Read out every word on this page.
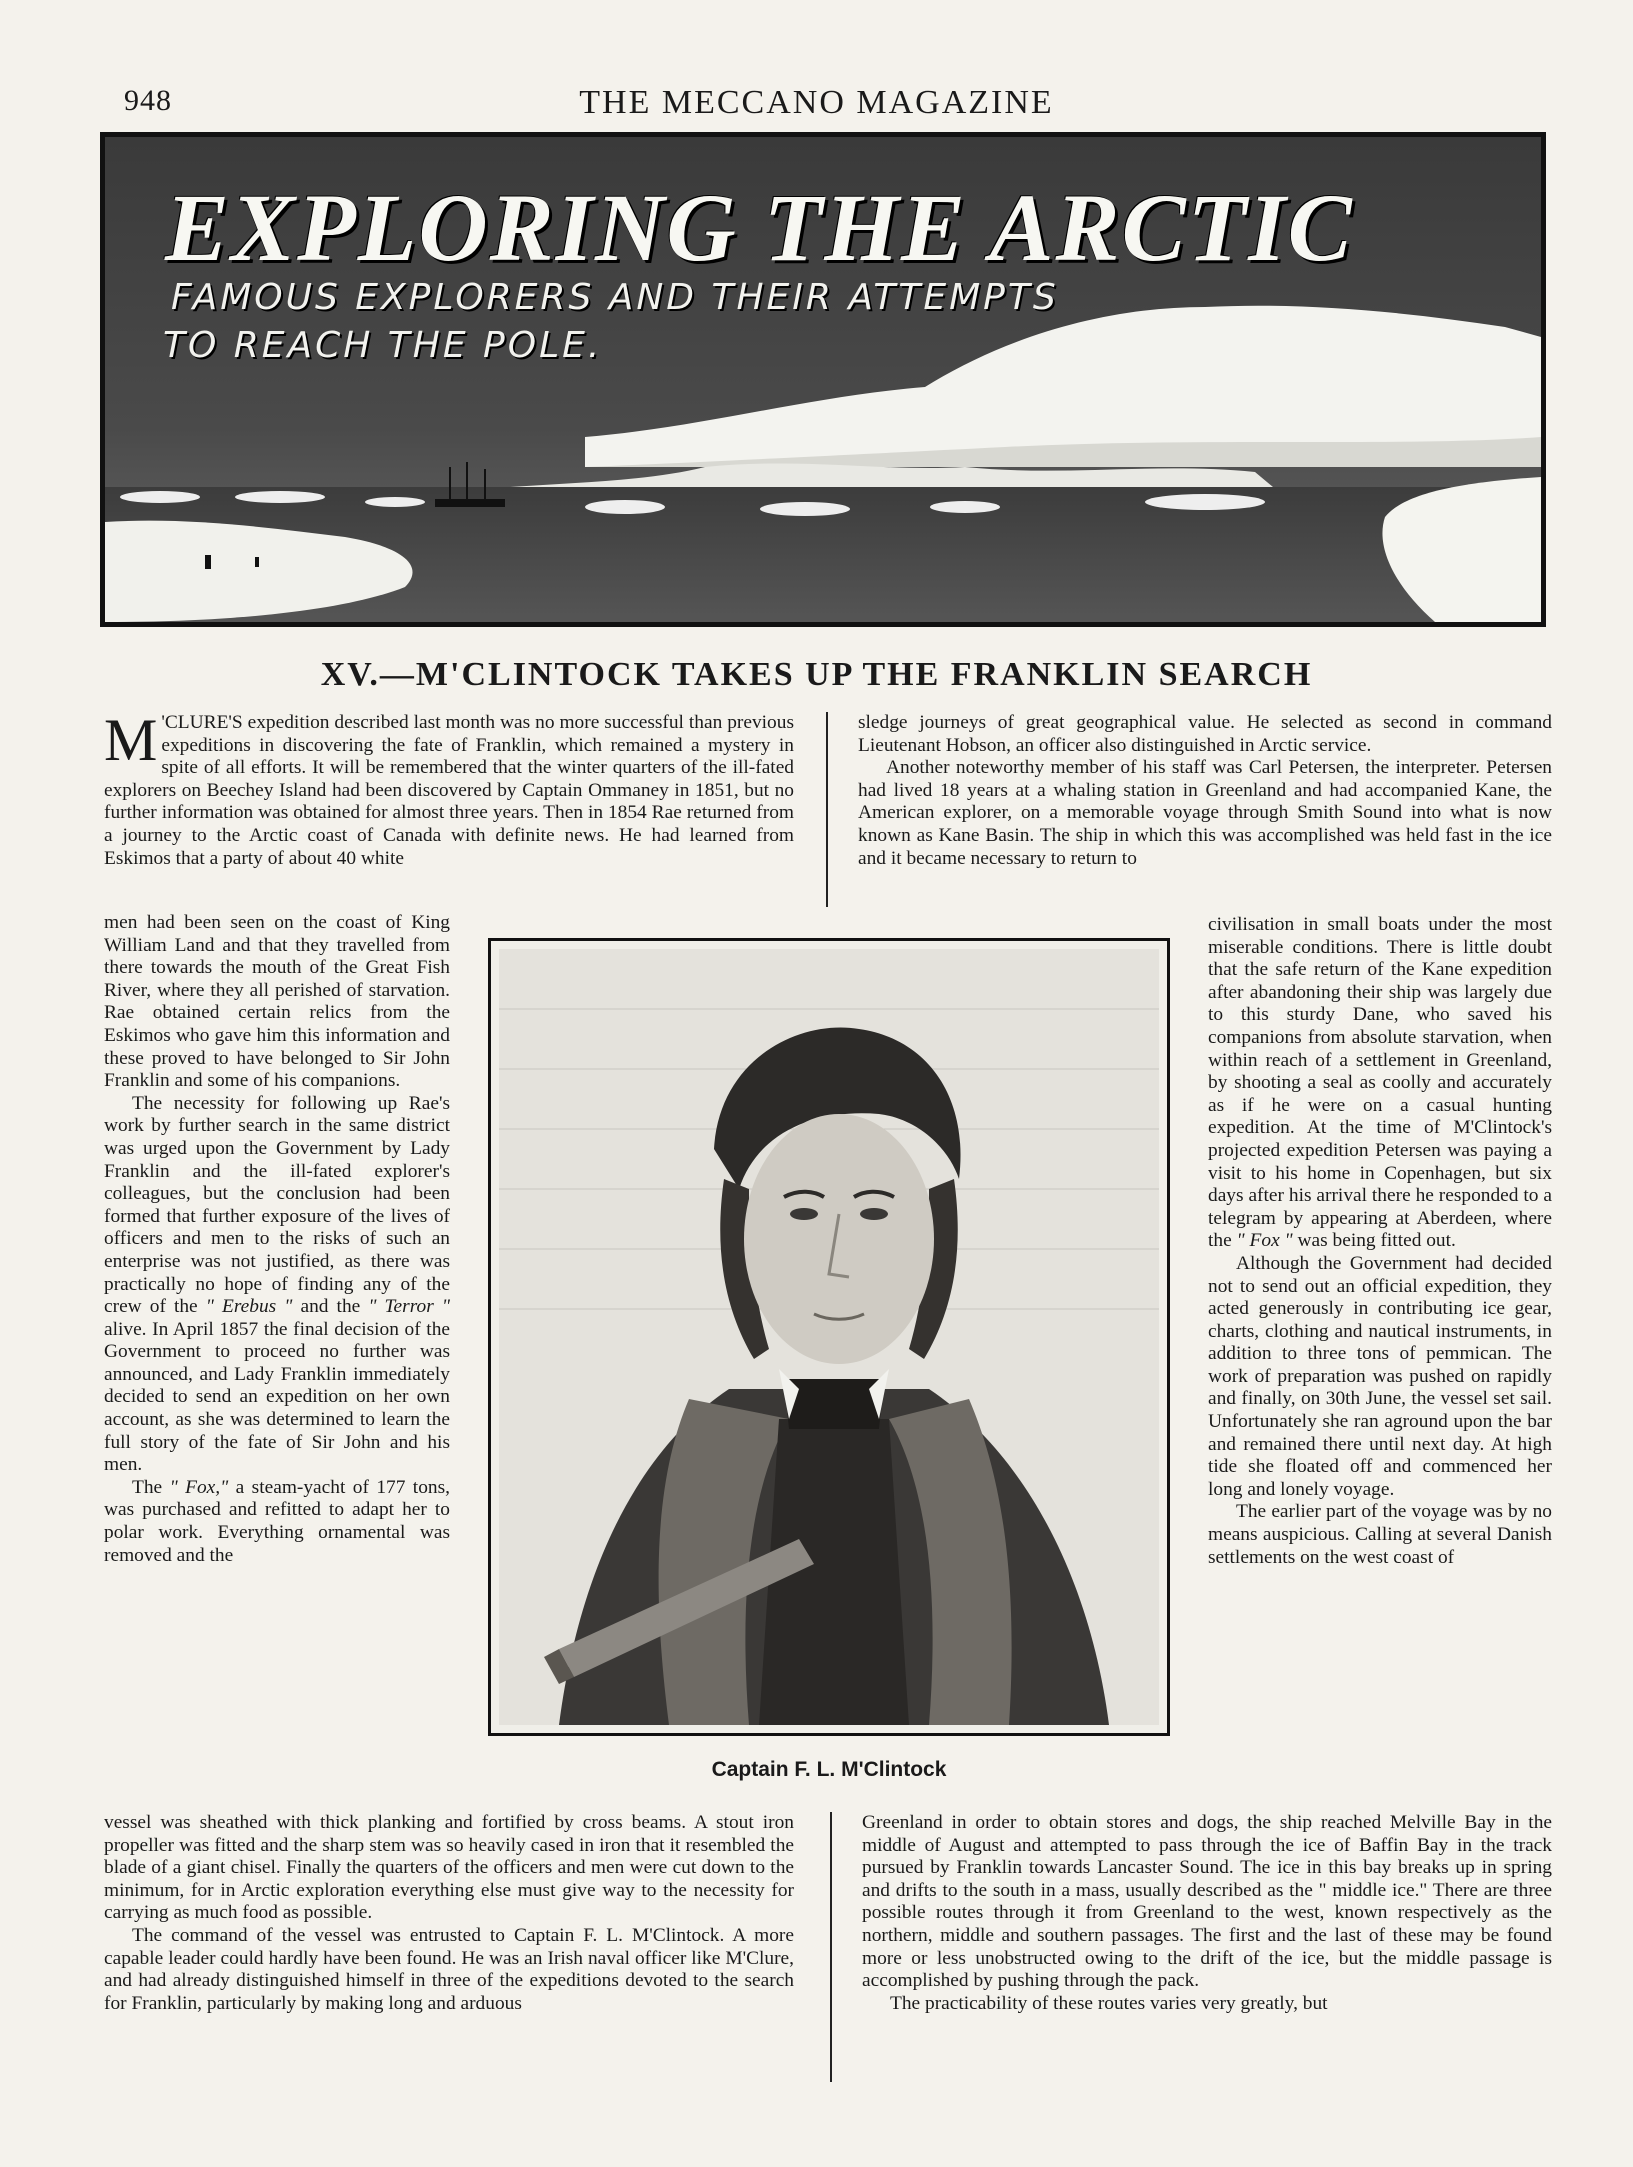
948	THE MECCANO MAGAZINE
EXPLORING THE ARCTIC
FAMOUS EXPLORERS AND THEIR ATTEMPTS
TO REACH THE POLE.
XV.—M'CLINTOCK TAKES UP THE FRANKLIN SEARCH

M 'CLURE'S expedition described last month was no more successful than previous expeditions in discovering the fate of Franklin, which remained a mystery in spite of all efforts. It will be remembered that the winter quarters of the ill-fated explorers on Beechey Island had been discovered by Captain Ommaney in 1851, but no further information was obtained for almost three years. Then in 1854 Rae returned from a journey to the Arctic coast of Canada with definite news. He had learned from Eskimos that a party of about 40 white

men had been seen on the coast of King William Land and that they travelled from there towards the mouth of the Great Fish River, where they all perished of starvation. Rae obtained certain relics from the Eskimos who gave him this information and these proved to have belonged to Sir John Franklin and some of his companions.

The necessity for following up Rae's work by further search in the same district was urged upon the Government by Lady Franklin and the ill-fated explorer's colleagues, but the conclusion had been formed that further exposure of the lives of officers and men to the risks of such an enterprise was not justified, as there was practically no hope of finding any of the crew of the " Erebus " and the " Terror " alive. In April 1857 the final decision of the Government to proceed no further was announced, and Lady Franklin immediately decided to send an expedition on her own account, as she was determined to learn the full story of the fate of Sir John and his men.

The " Fox," a steam-yacht of 177 tons, was purchased and refitted to adapt her to polar work. Everything ornamental was removed and the

vessel was sheathed with thick planking and fortified by cross beams. A stout iron propeller was fitted and the sharp stem was so heavily cased in iron that it resembled the blade of a giant chisel. Finally the quarters of the officers and men were cut down to the minimum, for in Arctic exploration everything else must give way to the necessity for carrying as much food as possible.

The command of the vessel was entrusted to Captain F. L. M'Clintock. A more capable leader could hardly have been found. He was an Irish naval officer like M'Clure, and had already distinguished himself in three of the expeditions devoted to the search for Franklin, particularly by making long and arduous

sledge journeys of great geographical value. He selected as second in command Lieutenant Hobson, an officer also distinguished in Arctic service.

Another noteworthy member of his staff was Carl Petersen, the interpreter. Petersen had lived 18 years at a whaling station in Greenland and had accompanied Kane, the American explorer, on a memorable voyage through Smith Sound into what is now known as Kane Basin. The ship in which this was accomplished was held fast in the ice and it became necessary to return to

civilisation in small boats under the most miserable conditions. There is little doubt that the safe return of the Kane expedition after abandoning their ship was largely due to this sturdy Dane, who saved his companions from absolute starvation, when within reach of a settlement in Greenland, by shooting a seal as coolly and accurately as if he were on a casual hunting expedition. At the time of M'Clintock's projected expedition Petersen was paying a visit to his home in Copenhagen, but six days after his arrival there he responded to a telegram by appearing at Aberdeen, where the " Fox " was being fitted out.

Although the Government had decided not to send out an official expedition, they acted generously in contributing ice gear, charts, clothing and nautical instruments, in addition to three tons of pemmican. The work of preparation was pushed on rapidly and finally, on 30th June, the vessel set sail. Unfortunately she ran aground upon the bar and remained there until next day. At high tide she floated off and commenced her long and lonely voyage.

The earlier part of the voyage was by no means auspicious. Calling at several Danish settlements on the west coast of

Greenland in order to obtain stores and dogs, the ship reached Melville Bay in the middle of August and attempted to pass through the ice of Baffin Bay in the track pursued by Franklin towards Lancaster Sound. The ice in this bay breaks up in spring and drifts to the south in a mass, usually described as the " middle ice." There are three possible routes through it from Greenland to the west, known respectively as the northern, middle and southern passages. The first and the last of these may be found more or less unobstructed owing to the drift of the ice, but the middle passage is accomplished by pushing through the pack.

The practicability of these routes varies very greatly, but

Captain F. L. M'Clintock
